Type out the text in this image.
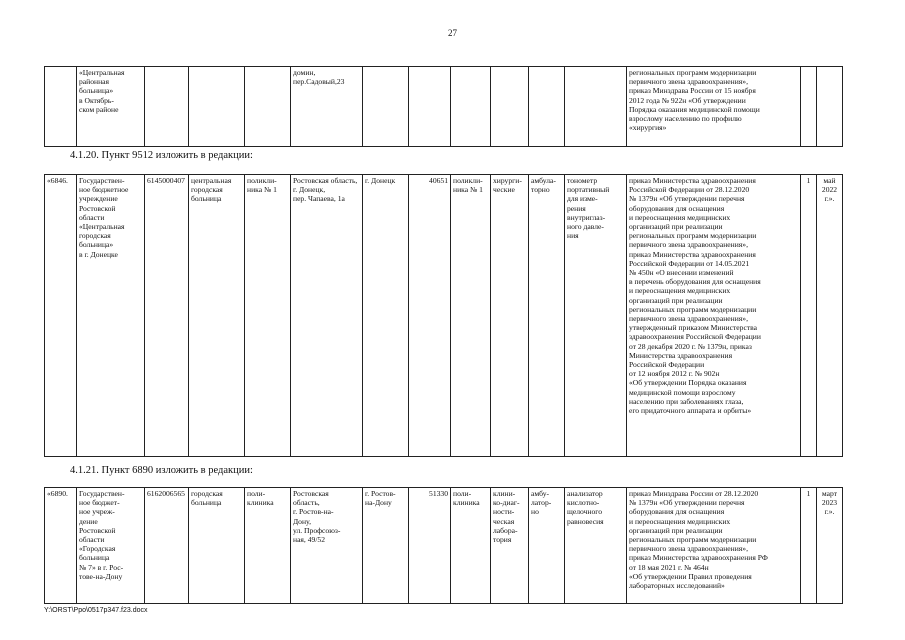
27
	«Центральная
районная
больница»
в Октябрь-
ском районе				домин,
пер.Садовый,23							региональных программ модернизации
первичного звена здравоохранения»,
приказ Минздрава России от 15 ноября
2012 года № 922н «Об утверждении
Порядка оказания медицинской помощи
взрослому населению по профилю
«хирургия»		
4.1.20. Пункт 9512 изложить в редакции:
«6846.	Государствен-
ное бюджетное
учреждение
Ростовской
области
«Центральная
городская
больница»
в г. Донецке	6145000407	центральная
городская
больница	поликли-
ника № 1	Ростовская область,
г. Донецк,
пер. Чапаева, 1а	г. Донецк	40651	поликли-
ника № 1	хирурги-
ческие	амбула-
торно	тонометр
портативный
для изме-
рения
внутриглаз-
ного давле-
ния	приказ Министерства здравоохранения
Российской Федерации от 28.12.2020
№ 1379н «Об утверждении перечня
оборудования для оснащения
и переоснащения медицинских
организаций при реализации
региональных программ модернизации
первичного звена здравоохранения»,
приказ Министерства здравоохранения
Российской Федерации от 14.05.2021
№ 450н «О внесении изменений
в перечень оборудования для оснащения
и переоснащения медицинских
организаций при реализации
региональных программ модернизации
первичного звена здравоохранения»,
утвержденный приказом Министерства
здравоохранения Российской Федерации
от 28 декабря 2020 г. № 1379н, приказ
Министерства здравоохранения
Российской Федерации
от 12 ноября 2012 г. № 902н
«Об утверждении Порядка оказания
медицинской помощи взрослому
населению при заболеваниях глаза,
его придаточного аппарата и орбиты»	1	май
2022 г.».
4.1.21. Пункт 6890 изложить в редакции:
«6890.	Государствен-
ное бюджет-
ное учреж-
дение
Ростовской
области
«Городская
больница
№ 7» в г. Рос-
тове-на-Дону	6162006565	городская
больница	поли-
клиника	Ростовская
область,
г. Ростов-на-
Дону,
ул. Профсоюз-
ная, 49/52	г. Ростов-
на-Дону	51330	поли-
клиника	клини-
ко-диаг-
ности-
ческая
лабора-
тория	амбу-
латор-
но	анализатор
кислотно-
щелочного
равновесия	приказ Минздрава России от 28.12.2020
№ 1379н «Об утверждении перечня
оборудования для оснащения
и переоснащения медицинских
организаций при реализации
региональных программ модернизации
первичного звена здравоохранения»,
приказ Министерства здравоохранения РФ
от 18 мая 2021 г. № 464н
«Об утверждении Правил проведения
лабораторных исследований»	1	март
2023 г.».
Y:\ORST\Ppo\0517p347.f23.docx
